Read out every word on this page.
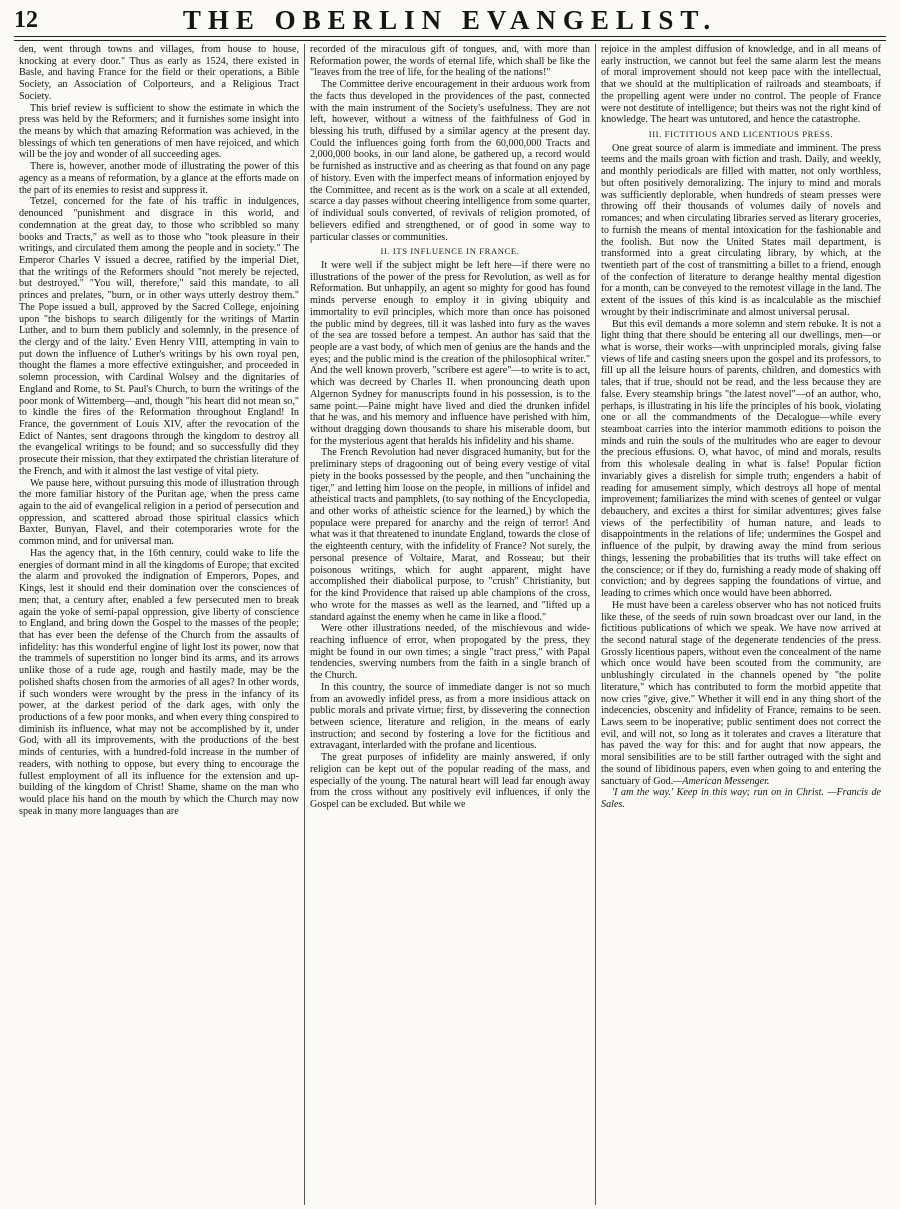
12	THE OBERLIN EVANGELIST.

den, went through towns and villages, from house to house, knocking at every door." Thus as early as 1524, there existed in Basle, and having France for the field or their operations, a Bible Society, an Association of Colporteurs, and a Religious Tract Society.

This brief review is sufficient to show the estimate in which the press was held by the Reformers; and it furnishes some insight into the means by which that amazing Reformation was achieved, in the blessings of which ten generations of men have rejoiced, and which will be the joy and wonder of all succeeding ages.

There is, however, another mode of illustrating the power of this agency as a means of reformation, by a glance at the efforts made on the part of its enemies to resist and suppress it.

Tetzel, concerned for the fate of his traffic in indulgences, denounced "punishment and disgrace in this world, and condemnation at the great day, to those who scribbled so many books and Tracts," as well as to those who "took pleasure in their writings, and circulated them among the people and in society." The Emperor Charles V issued a decree, ratified by the imperial Diet, that the writings of the Reformers should "not merely be rejected, but destroyed." "You will, therefore," said this mandate, to all princes and prelates, "burn, or in other ways utterly destroy them." The Pope issued a bull, approved by the Sacred College, enjoining upon "the bishops to search diligently for the writings of Martin Luther, and to burn them publicly and solemnly, in the presence of the clergy and of the laity.' Even Henry VIII, attempting in vain to put down the influence of Luther's writings by his own royal pen, thought the flames a more effective extinguisher, and proceeded in solemn procession, with Cardinal Wolsey and the dignitaries of England and Rome, to St. Paul's Church, to burn the writings of the poor monk of Wittemberg—and, though "his heart did not mean so," to kindle the fires of the Reformation throughout England! In France, the government of Louis XIV, after the revocation of the Edict of Nantes, sent dragoons through the kingdom to destroy all the evangelical writings to be found; and so successfully did they prosecute their mission, that they extirpated the christian literature of the French, and with it almost the last vestige of vital piety.

We pause here, without pursuing this mode of illustration through the more familiar history of the Puritan age, when the press came again to the aid of evangelical religion in a period of persecution and oppression, and scattered abroad those spiritual classics which Baxter, Bunyan, Flavel, and their cotemporaries wrote for the common mind, and for universal man.

Has the agency that, in the 16th century, could wake to life the energies of dormant mind in all the kingdoms of Europe; that excited the alarm and provoked the indignation of Emperors, Popes, and Kings, lest it should end their domination over the consciences of men; that, a century after, enabled a few persecuted men to break again the yoke of semi-papal oppression, give liberty of conscience to England, and bring down the Gospel to the masses of the people; that has ever been the defense of the Church from the assaults of infidelity: has this wonderful engine of light lost its power, now that the trammels of superstition no longer bind its arms, and its arrows unlike those of a rude age, rough and hastily made, may be the polished shafts chosen from the armories of all ages? In other words, if such wonders were wrought by the press in the infancy of its power, at the darkest period of the dark ages, with only the productions of a few poor monks, and when every thing conspired to diminish its influence, what may not be accomplished by it, under God, with all its improvements, with the productions of the best minds of centuries, with a hundred-fold increase in the number of readers, with nothing to oppose, but every thing to encourage the fullest employment of all its influence for the extension and up-building of the kingdom of Christ! Shame, shame on the man who would place his hand on the mouth by which the Church may now speak in many more languages than are

recorded of the miraculous gift of tongues, and, with more than Reformation power, the words of eternal life, which shall be like the "leaves from the tree of life, for the healing of the nations!"

The Committee derive encouragement in their arduous work from the facts thus developed in the providences of the past, connected with the main instrument of the Society's usefulness. They are not left, however, without a witness of the faithfulness of God in blessing his truth, diffused by a similar agency at the present day. Could the influences going forth from the 60,000,000 Tracts and 2,000,000 books, in our land alone, be gathered up, a record would be furnished as instructive and as cheering as that found on any page of history. Even with the imperfect means of information enjoyed by the Committee, and recent as is the work on a scale at all extended, scarce a day passes without cheering intelligence from some quarter, of individual souls converted, of revivals of religion promoted, of believers edified and strengthened, or of good in some way to particular classes or communities.

II. ITS INFLUENCE IN FRANCE.

It were well if the subject might be left here—if there were no illustrations of the power of the press for Revolution, as well as for Reformation. But unhappily, an agent so mighty for good has found minds perverse enough to employ it in giving ubiquity and immortality to evil principles, which more than once has poisoned the public mind by degrees, till it was lashed into fury as the waves of the sea are tossed before a tempest. An author has said that the people are a vast body, of which men of genius are the hands and the eyes; and the public mind is the creation of the philosophical writer." And the well known proverb, "scribere est agere"—to write is to act, which was decreed by Charles II. when pronouncing death upon Algernon Sydney for manuscripts found in his possession, is to the same point.—Paine might have lived and died the drunken infidel that he was, and his memory and influence have perished with him, without dragging down thousands to share his miserable doom, but for the mysterious agent that heralds his infidelity and his shame.

The French Revolution had never disgraced humanity, but for the preliminary steps of dragooning out of being every vestige of vital piety in the books possessed by the people, and then "unchaining the tiger," and letting him loose on the people, in millions of infidel and atheistical tracts and pamphlets, (to say nothing of the Encyclopedia, and other works of atheistic science for the learned,) by which the populace were prepared for anarchy and the reign of terror! And what was it that threatened to inundate England, towards the close of the eighteenth century, with the infidelity of France? Not surely, the personal presence of Voltaire, Marat, and Rosseau; but their poisonous writings, which for aught apparent, might have accomplished their diabolical purpose, to "crush" Christianity, but for the kind Providence that raised up able champions of the cross, who wrote for the masses as well as the learned, and "lifted up a standard against the enemy when he came in like a flood."

Were other illustrations needed, of the mischievous and wide-reaching influence of error, when propogated by the press, they might be found in our own times; a single "tract press," with Papal tendencies, swerving numbers from the faith in a single branch of the Church.

In this country, the source of immediate danger is not so much from an avowedly infidel press, as from a more insidious attack on public morals and private virtue; first, by dissevering the connection between science, literature and religion, in the means of early instruction; and second by fostering a love for the fictitious and extravagant, interlarded with the profane and licentious.

The great purposes of infidelity are mainly answered, if only religion can be kept out of the popular reading of the mass, and especially of the young. The natural heart will lead far enough away from the cross without any positively evil influences, if only the Gospel can be excluded. But while we

rejoice in the amplest diffusion of knowledge, and in all means of early instruction, we cannot but feel the same alarm lest the means of moral improvement should not keep pace with the intellectual, that we should at the multiplication of railroads and steamboats, if the propelling agent were under no control. The people of France were not destitute of intelligence; but theirs was not the right kind of knowledge. The heart was untutored, and hence the catastrophe.

III. FICTITIOUS AND LICENTIOUS PRESS.

One great source of alarm is immediate and imminent. The press teems and the mails groan with fiction and trash. Daily, and weekly, and monthly periodicals are filled with matter, not only worthless, but often positively demoralizing. The injury to mind and morals was sufficiently deplorable, when hundreds of steam presses were throwing off their thousands of volumes daily of novels and romances; and when circulating libraries served as literary groceries, to furnish the means of mental intoxication for the fashionable and the foolish. But now the United States mail department, is transformed into a great circulating library, by which, at the twentieth part of the cost of transmitting a billet to a friend, enough of the confection of literature to derange healthy mental digestion for a month, can be conveyed to the remotest village in the land. The extent of the issues of this kind is as incalculable as the mischief wrought by their indiscriminate and almost universal perusal.

But this evil demands a more solemn and stern rebuke. It is not a light thing that there should be entering all our dwellings, men—or what is worse, their works—with unprincipled morals, giving false views of life and casting sneers upon the gospel and its professors, to fill up all the leisure hours of parents, children, and domestics with tales, that if true, should not be read, and the less because they are false. Every steamship brings "the latest novel"—of an author, who, perhaps, is illustrating in his life the principles of his book, violating one or all the commandments of the Decalogue—while every steamboat carries into the interior mammoth editions to poison the minds and ruin the souls of the multitudes who are eager to devour the precious effusions. O, what havoc, of mind and morals, results from this wholesale dealing in what is false! Popular fiction invariably gives a disrelish for simple truth; engenders a habit of reading for amusement simply, which destroys all hope of mental improvement; familiarizes the mind with scenes of genteel or vulgar debauchery, and excites a thirst for similar adventures; gives false views of the perfectibility of human nature, and leads to disappointments in the relations of life; undermines the Gospel and influence of the pulpit, by drawing away the mind from serious things, lessening the probabilities that its truths will take effect on the conscience; or if they do, furnishing a ready mode of shaking off conviction; and by degrees sapping the foundations of virtue, and leading to crimes which once would have been abhorred.

He must have been a careless observer who has not noticed fruits like these, of the seeds of ruin sown broadcast over our land, in the fictitious publications of which we speak. We have now arrived at the second natural stage of the degenerate tendencies of the press. Grossly licentious papers, without even the concealment of the name which once would have been scouted from the community, are unblushingly circulated in the channels opened by "the polite literature," which has contributed to form the morbid appetite that now cries "give, give." Whether it will end in any thing short of the indecencies, obscenity and infidelity of France, remains to be seen. Laws seem to be inoperative; public sentiment does not correct the evil, and will not, so long as it tolerates and craves a literature that has paved the way for this: and for aught that now appears, the moral sensibilities are to be still farther outraged with the sight and the sound of libidinous papers, even when going to and entering the sanctuary of God.—American Messenger.

'I am the way.' Keep in this way; run on in Christ. —Francis de Sales.
